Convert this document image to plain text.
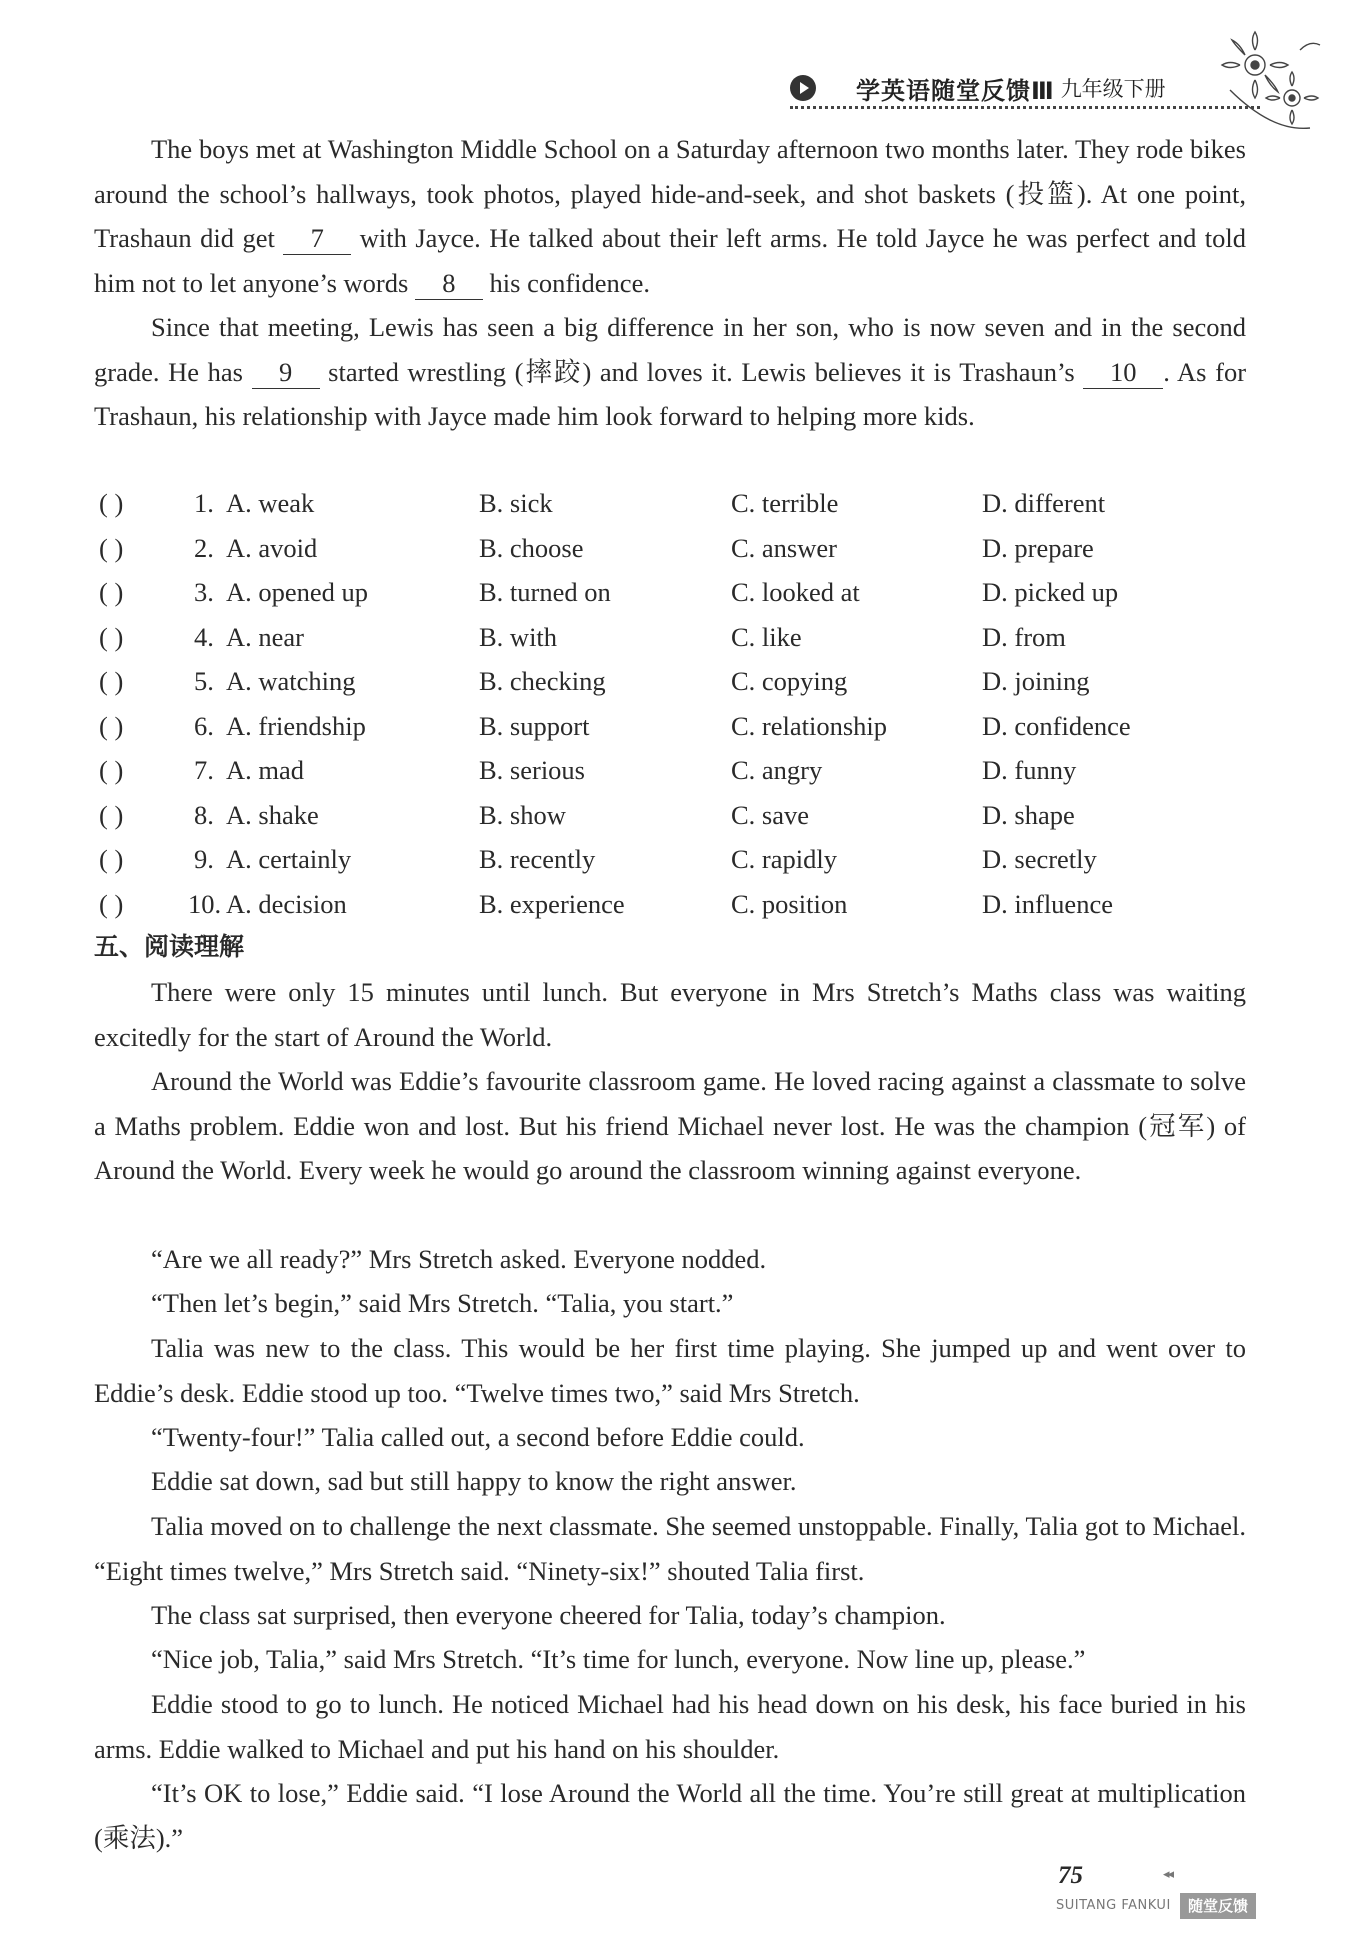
学英语随堂反馈Ⅲ 九年级下册

The boys met at Washington Middle School on a Saturday afternoon two months later. They rode bikes around the school’s hallways, took photos, played hide-and-seek, and shot baskets (投篮). At one point, Trashaun did get 7 with Jayce. He talked about their left arms. He told Jayce he was perfect and told him not to let anyone’s words 8 his confidence.

Since that meeting, Lewis has seen a big difference in her son, who is now seven and in the second grade. He has 9 started wrestling (摔跤) and loves it. Lewis believes it is Trashaun’s 10 . As for Trashaun, his relationship with Jayce made him look forward to helping more kids.

( )	1. A. weak	B. sick	C. terrible	D. different
( )	2. A. avoid	B. choose	C. answer	D. prepare
( )	3. A. opened up	B. turned on	C. looked at	D. picked up
( )	4. A. near	B. with	C. like	D. from
( )	5. A. watching	B. checking	C. copying	D. joining
( )	6. A. friendship	B. support	C. relationship	D. confidence
( )	7. A. mad	B. serious	C. angry	D. funny
( )	8. A. shake	B. show	C. save	D. shape
( )	9. A. certainly	B. recently	C. rapidly	D. secretly
( ) 10. A. decision	B. experience	C. position	D. influence
五、阅读理解

There were only 15 minutes until lunch. But everyone in Mrs Stretch’s Maths class was waiting excitedly for the start of Around the World.

Around the World was Eddie’s favourite classroom game. He loved racing against a classmate to solve a Maths problem. Eddie won and lost. But his friend Michael never lost. He was the champion (冠军) of Around the World. Every week he would go around the classroom winning against everyone.

“Are we all ready?” Mrs Stretch asked. Everyone nodded.

“Then let’s begin,” said Mrs Stretch. “Talia, you start.”

Talia was new to the class. This would be her first time playing. She jumped up and went over to Eddie’s desk. Eddie stood up too. “Twelve times two,” said Mrs Stretch.

“Twenty-four!” Talia called out, a second before Eddie could.

Eddie sat down, sad but still happy to know the right answer.

Talia moved on to challenge the next classmate. She seemed unstoppable. Finally, Talia got to Michael. “Eight times twelve,” Mrs Stretch said. “Ninety-six!” shouted Talia first.

The class sat surprised, then everyone cheered for Talia, today’s champion.

“Nice job, Talia,” said Mrs Stretch. “It’s time for lunch, everyone. Now line up, please.”

Eddie stood to go to lunch. He noticed Michael had his head down on his desk, his face buried in his arms. Eddie walked to Michael and put his hand on his shoulder.

“It’s OK to lose,” Eddie said. “I lose Around the World all the time. You’re still great at multiplication (乘法).”

75	◂◂
SUITANG FANKUI	随堂反馈
